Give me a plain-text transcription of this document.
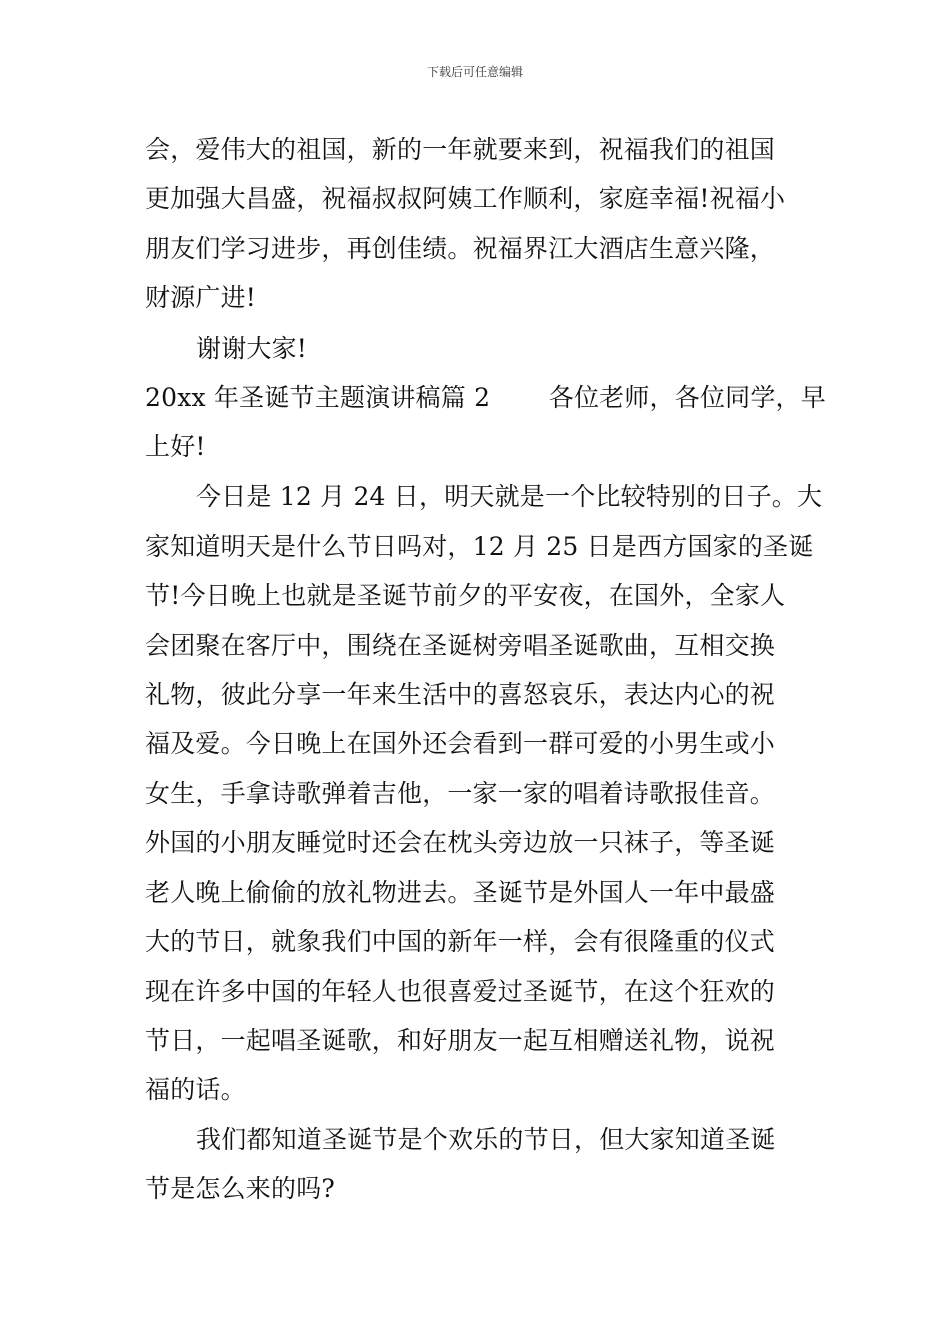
下载后可任意编辑
会，爱伟大的祖国，新的一年就要来到，祝福我们的祖国
更加强大昌盛，祝福叔叔阿姨工作顺利，家庭幸福!祝福小
朋友们学习进步，再创佳绩。祝福界江大酒店生意兴隆，
财源广进!
谢谢大家!
20xx 年圣诞节主题演讲稿篇 2　　 各位老师，各位同学，早
上好!
今日是 12 月 24 日，明天就是一个比较特别的日子。大
家知道明天是什么节日吗对，12 月 25 日是西方国家的圣诞
节!今日晚上也就是圣诞节前夕的平安夜，在国外，全家人
会团聚在客厅中，围绕在圣诞树旁唱圣诞歌曲，互相交换
礼物，彼此分享一年来生活中的喜怒哀乐，表达内心的祝
福及爱。今日晚上在国外还会看到一群可爱的小男生或小
女生，手拿诗歌弹着吉他，一家一家的唱着诗歌报佳音。
外国的小朋友睡觉时还会在枕头旁边放一只袜子，等圣诞
老人晚上偷偷的放礼物进去。圣诞节是外国人一年中最盛
大的节日，就象我们中国的新年一样，会有很隆重的仪式
现在许多中国的年轻人也很喜爱过圣诞节，在这个狂欢的
节日，一起唱圣诞歌，和好朋友一起互相赠送礼物，说祝
福的话。
我们都知道圣诞节是个欢乐的节日，但大家知道圣诞
节是怎么来的吗?
